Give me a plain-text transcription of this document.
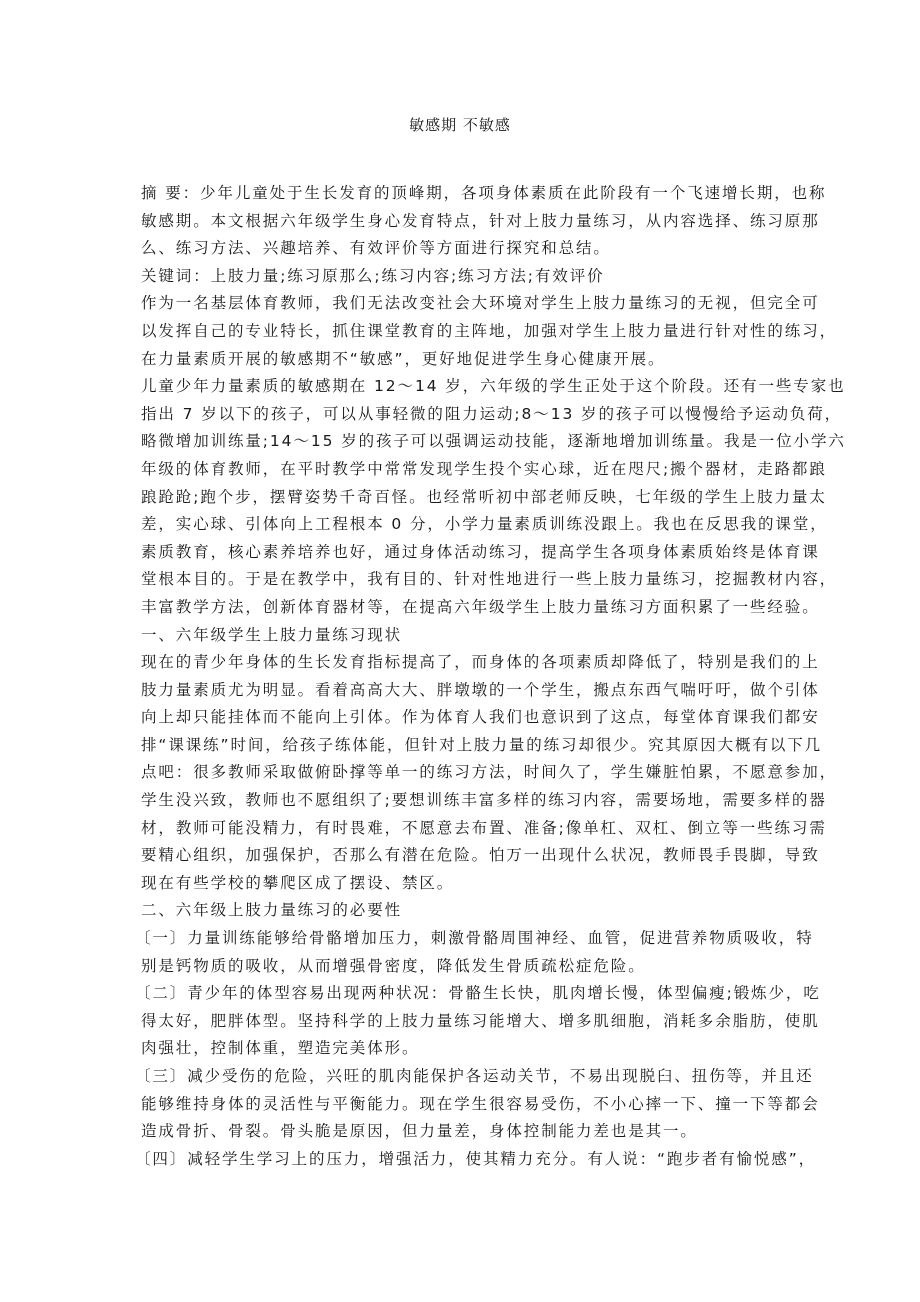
敏感期 不敏感
摘 要：少年儿童处于生长发育的顶峰期，各项身体素质在此阶段有一个飞速增长期，也称
敏感期。本文根据六年级学生身心发育特点，针对上肢力量练习，从内容选择、练习原那
么、练习方法、兴趣培养、有效评价等方面进行探究和总结。
关键词：上肢力量;练习原那么;练习内容;练习方法;有效评价
作为一名基层体育教师，我们无法改变社会大环境对学生上肢力量练习的无视，但完全可
以发挥自己的专业特长，抓住课堂教育的主阵地，加强对学生上肢力量进行针对性的练习，
在力量素质开展的敏感期不“敏感”，更好地促进学生身心健康开展。
儿童少年力量素质的敏感期在 12～14 岁，六年级的学生正处于这个阶段。还有一些专家也
指出 7 岁以下的孩子，可以从事轻微的阻力运动;8～13 岁的孩子可以慢慢给予运动负荷，
略微增加训练量;14～15 岁的孩子可以强调运动技能，逐渐地增加训练量。我是一位小学六
年级的体育教师，在平时教学中常常发现学生投个实心球，近在咫尺;搬个器材，走路都踉
踉跄跄;跑个步，摆臂姿势千奇百怪。也经常听初中部老师反映，七年级的学生上肢力量太
差，实心球、引体向上工程根本 0 分，小学力量素质训练没跟上。我也在反思我的课堂，
素质教育，核心素养培养也好，通过身体活动练习，提高学生各项身体素质始终是体育课
堂根本目的。于是在教学中，我有目的、针对性地进行一些上肢力量练习，挖掘教材内容，
丰富教学方法，创新体育器材等，在提高六年级学生上肢力量练习方面积累了一些经验。
一、六年级学生上肢力量练习现状
现在的青少年身体的生长发育指标提高了，而身体的各项素质却降低了，特别是我们的上
肢力量素质尤为明显。看着高高大大、胖墩墩的一个学生，搬点东西气喘吁吁，做个引体
向上却只能挂体而不能向上引体。作为体育人我们也意识到了这点，每堂体育课我们都安
排“课课练”时间，给孩子练体能，但针对上肢力量的练习却很少。究其原因大概有以下几
点吧：很多教师采取做俯卧撑等单一的练习方法，时间久了，学生嫌脏怕累，不愿意参加，
学生没兴致，教师也不愿组织了;要想训练丰富多样的练习内容，需要场地，需要多样的器
材，教师可能没精力，有时畏难，不愿意去布置、准备;像单杠、双杠、倒立等一些练习需
要精心组织，加强保护，否那么有潜在危险。怕万一出现什么状况，教师畏手畏脚，导致
现在有些学校的攀爬区成了摆设、禁区。
二、六年级上肢力量练习的必要性
〔一〕力量训练能够给骨骼增加压力，刺激骨骼周围神经、血管，促进营养物质吸收，特
别是钙物质的吸收，从而增强骨密度，降低发生骨质疏松症危险。
〔二〕青少年的体型容易出现两种状况：骨骼生长快，肌肉增长慢，体型偏瘦;锻炼少，吃
得太好，肥胖体型。坚持科学的上肢力量练习能增大、增多肌细胞，消耗多余脂肪，使肌
肉强壮，控制体重，塑造完美体形。
〔三〕减少受伤的危险，兴旺的肌肉能保护各运动关节，不易出现脱臼、扭伤等，并且还
能够维持身体的灵活性与平衡能力。现在学生很容易受伤，不小心摔一下、撞一下等都会
造成骨折、骨裂。骨头脆是原因，但力量差，身体控制能力差也是其一。
〔四〕减轻学生学习上的压力，增强活力，使其精力充分。有人说：“跑步者有愉悦感”，
